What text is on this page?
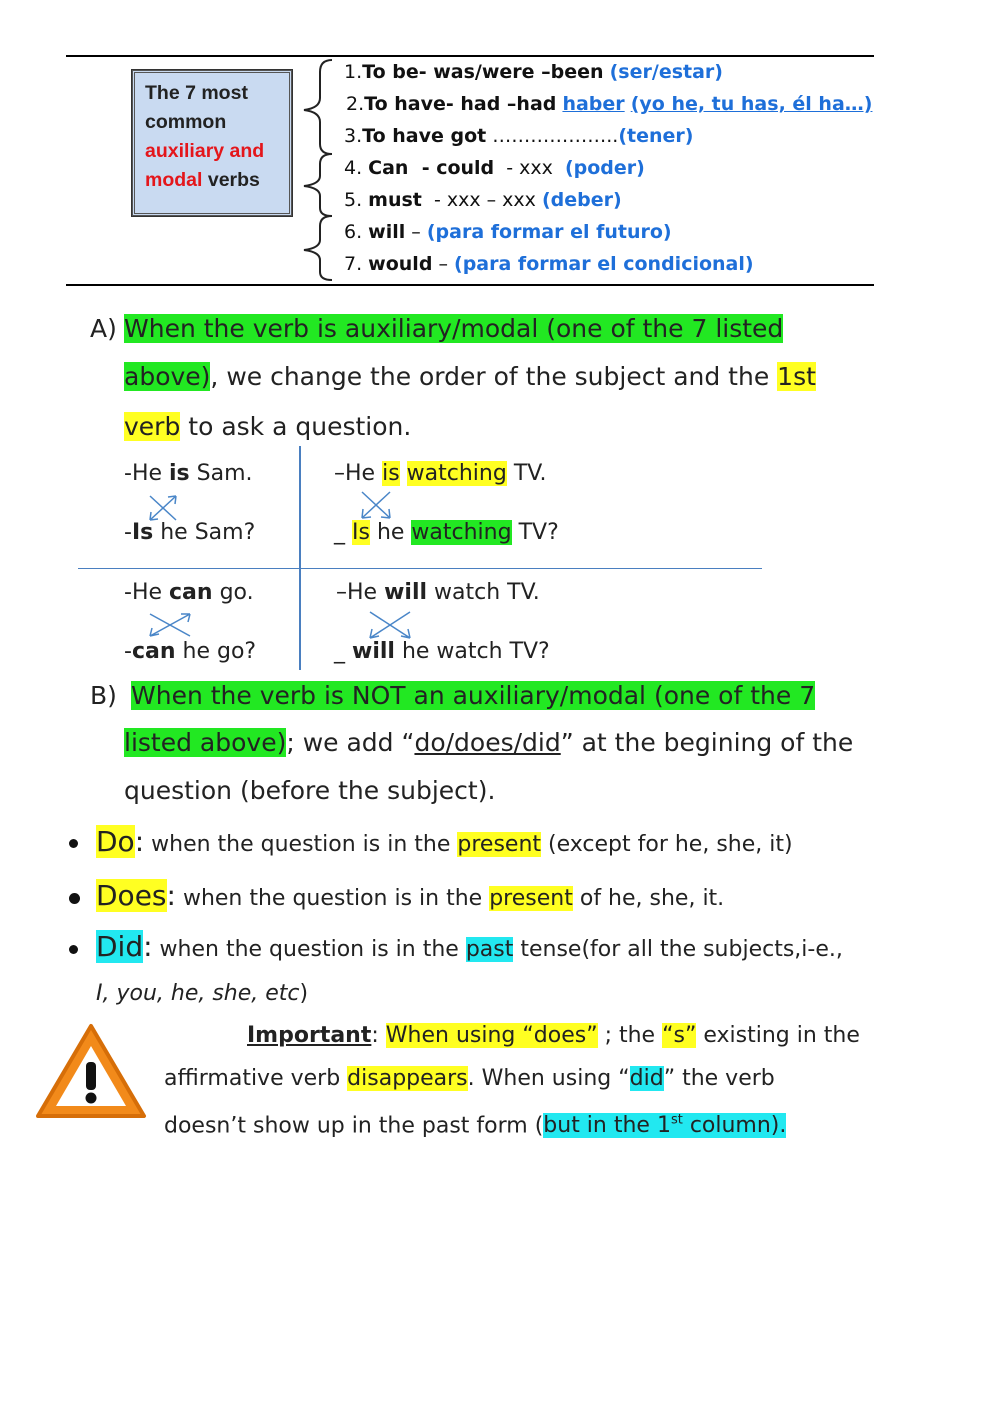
The 7 most
common
auxiliary and
modal verbs
1.To be- was/were –been (ser/estar)
2.To have- had –had haber (yo he, tu has, él ha…)
3.To have got ………………..(tener)
4. Can  - could  - xxx  (poder)
5. must  - xxx – xxx (deber)
6. will – (para formar el futuro)
7. would – (para formar el condicional)
A) When the verb is auxiliary/modal (one of the 7 listed
above), we change the order of the subject and the 1st
verb to ask a question.
-He is Sam.
-Is he Sam?
–He is watching TV.
_ Is he watching TV?
-He can go.
-can he go?
–He will watch TV.
_ will he watch TV?
B) When the verb is NOT an auxiliary/modal (one of the 7
listed above); we add “do/does/did” at the begining of the
question (before the subject).
Do: when the question is in the present (except for he, she, it)
Does: when the question is in the present of he, she, it.
Did: when the question is in the past tense(for all the subjects,i-e.,
I, you, he, she, etc)
Important: When using “does” ; the “s” existing in the
affirmative verb disappears. When using “did” the verb
doesn’t show up in the past form (but in the 1st column).
